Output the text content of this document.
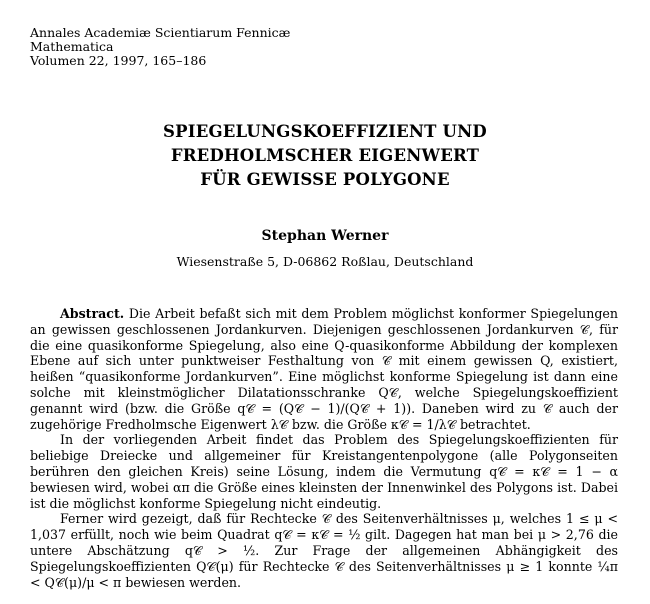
Annales Academiæ Scientiarum Fennicæ
Mathematica
Volumen 22, 1997, 165–186
SPIEGELUNGSKOEFFIZIENT UND
FREDHOLMSCHER EIGENWERT
FÜR GEWISSE POLYGONE
Stephan Werner
Wiesenstraße 5, D-06862 Roßlau, Deutschland

Abstract. Die Arbeit befaßt sich mit dem Problem möglichst konformer Spiegelungen an gewissen geschlossenen Jordankurven. Diejenigen geschlossenen Jordankurven 𝒞, für die eine quasikonforme Spiegelung, also eine Q-quasikonforme Abbildung der komplexen Ebene auf sich unter punktweiser Festhaltung von 𝒞 mit einem gewissen Q, existiert, heißen “quasikonforme Jordankurven”. Eine möglichst konforme Spiegelung ist dann eine solche mit kleinstmöglicher Dilatationsschranke Q𝒞, welche Spiegelungskoeffizient genannt wird (bzw. die Größe q𝒞 = (Q𝒞 − 1)/(Q𝒞 + 1)). Daneben wird zu 𝒞 auch der zugehörige Fredholmsche Eigenwert λ𝒞 bzw. die Größe κ𝒞 = 1/λ𝒞 betrachtet.

In der vorliegenden Arbeit findet das Problem des Spiegelungskoeffizienten für beliebige Dreiecke und allgemeiner für Kreistangentenpolygone (alle Polygonseiten berühren den gleichen Kreis) seine Lösung, indem die Vermutung q𝒞 = κ𝒞 = 1 − α bewiesen wird, wobei απ die Größe eines kleinsten der Innenwinkel des Polygons ist. Dabei ist die möglichst konforme Spiegelung nicht eindeutig.

Ferner wird gezeigt, daß für Rechtecke 𝒞 des Seitenverhältnisses μ, welches 1 ≤ μ < 1,037 erfüllt, noch wie beim Quadrat q𝒞 = κ𝒞 = ½ gilt. Dagegen hat man bei μ > 2,76 die untere Abschätzung q𝒞 > ½. Zur Frage der allgemeinen Abhängigkeit des Spiegelungskoeffizienten Q𝒞(μ) für Rechtecke 𝒞 des Seitenverhältnisses μ ≥ 1 konnte ¼π < Q𝒞(μ)/μ < π bewiesen werden.
